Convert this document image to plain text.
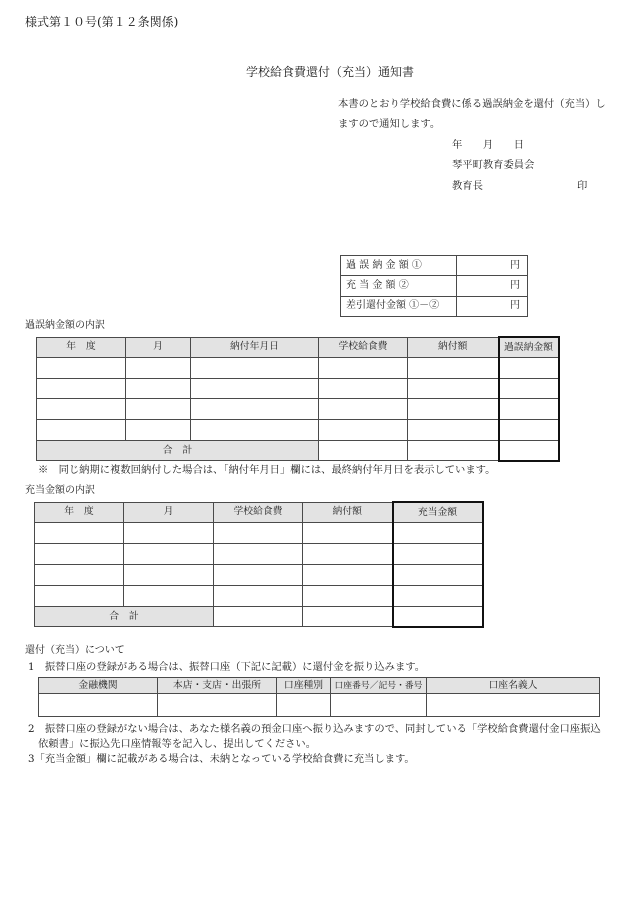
様式第１０号(第１２条関係)
学校給食費還付（充当）通知書
本書のとおり学校給食費に係る過誤納金を還付（充当）し
ますので通知します。
年　　月　　日
琴平町教育委員会
教育長	印
過 誤 納 金 額 ①	円
充 当 金 額 ②	円
差引還付金額 ①－②	円
過誤納金額の内訳
年　度	月	納付年月日	学校給食費	納付額	過誤納金額

合　計					
※　同じ納期に複数回納付した場合は、「納付年月日」欄には、最終納付年月日を表示しています。
充当金額の内訳
年　度	月	学校給食費	納付額	充当金額

合　計				
還付（充当）について
1　振替口座の登録がある場合は、振替口座（下記に記載）に還付金を振り込みます。
金融機関	本店・支店・出張所	口座種別	口座番号／記号・番号	口座名義人

2　振替口座の登録がない場合は、あなた様名義の預金口座へ振り込みますので、同封している「学校給食費還付金口座振込
依頼書」に振込先口座情報等を記入し、提出してください。
3「充当金額」欄に記載がある場合は、未納となっている学校給食費に充当します。
